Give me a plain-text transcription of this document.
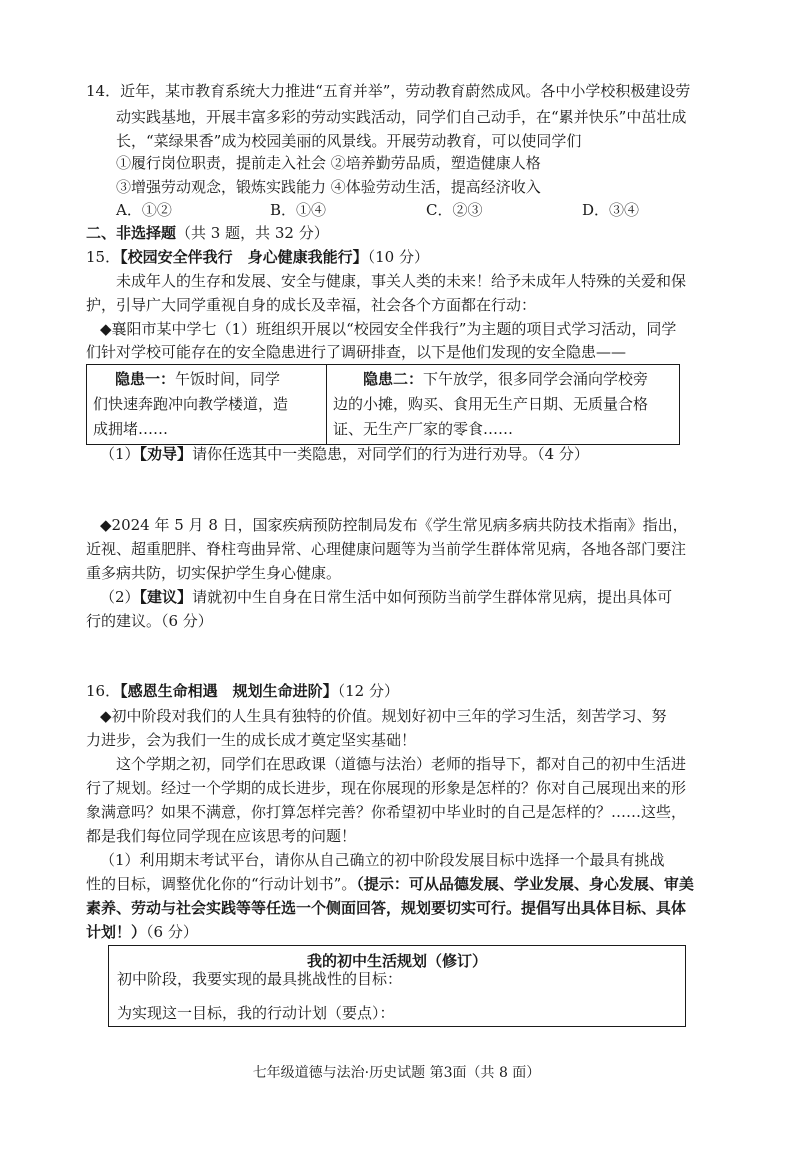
14．近年，某市教育系统大力推进“五育并举”，劳动教育蔚然成风。各中小学校积极建设劳
动实践基地，开展丰富多彩的劳动实践活动，同学们自己动手，在“累并快乐”中茁壮成
长，“菜绿果香”成为校园美丽的风景线。开展劳动教育，可以使同学们
①履行岗位职责，提前走入社会 ②培养勤劳品质，塑造健康人格
③增强劳动观念，锻炼实践能力 ④体验劳动生活，提高经济收入
A．①②	B．①④	C．②③	D．③④
二、非选择题（共 3 题，共 32 分）
15．【校园安全伴我行　身心健康我能行】（10 分）
未成年人的生存和发展、安全与健康，事关人类的未来！给予未成年人特殊的关爱和保
护，引导广大同学重视自身的成长及幸福，社会各个方面都在行动：
◆襄阳市某中学七（1）班组织开展以“校园安全伴我行”为主题的项目式学习活动，同学
们针对学校可能存在的安全隐患进行了调研排查，以下是他们发现的安全隐患——
隐患一：午饭时间，同学
们快速奔跑冲向教学楼道，造
成拥堵……

隐患二：下午放学，很多同学会涌向学校旁
边的小摊，购买、食用无生产日期、无质量合格
证、无生产厂家的零食……
（1）【劝导】请你任选其中一类隐患，对同学们的行为进行劝导。（4 分）
◆2024 年 5 月 8 日，国家疾病预防控制局发布《学生常见病多病共防技术指南》指出，
近视、超重肥胖、脊柱弯曲异常、心理健康问题等为当前学生群体常见病，各地各部门要注
重多病共防，切实保护学生身心健康。
（2）【建议】请就初中生自身在日常生活中如何预防当前学生群体常见病，提出具体可
行的建议。（6 分）
16．【感恩生命相遇　规划生命进阶】（12 分）
◆初中阶段对我们的人生具有独特的价值。规划好初中三年的学习生活，刻苦学习、努
力进步，会为我们一生的成长成才奠定坚实基础！
这个学期之初，同学们在思政课（道德与法治）老师的指导下，都对自己的初中生活进
行了规划。经过一个学期的成长进步，现在你展现的形象是怎样的？你对自己展现出来的形
象满意吗？如果不满意，你打算怎样完善？你希望初中毕业时的自己是怎样的？……这些，
都是我们每位同学现在应该思考的问题！
（1）利用期末考试平台，请你从自己确立的初中阶段发展目标中选择一个最具有挑战
性的目标，调整优化你的“行动计划书”。（提示：可从品德发展、学业发展、身心发展、审美
素养、劳动与社会实践等等任选一个侧面回答，规划要切实可行。提倡写出具体目标、具体
计划！）（6 分）
我的初中生活规划（修订）
初中阶段，我要实现的最具挑战性的目标：
为实现这一目标，我的行动计划（要点）：
七年级道德与法治·历史试题 第3面（共 8 面）
